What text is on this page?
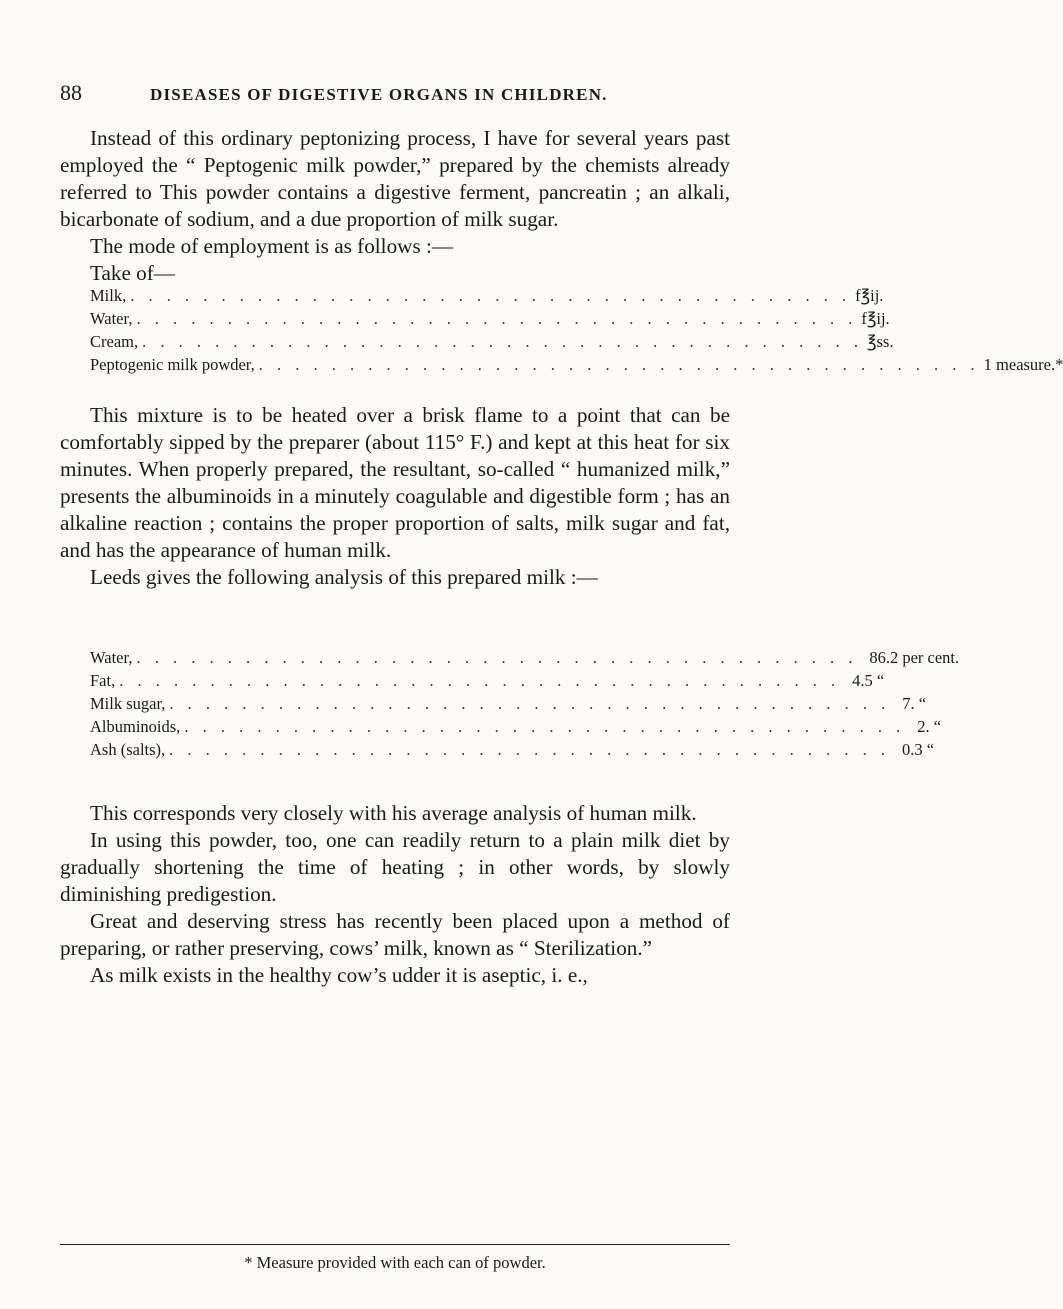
88	DISEASES OF DIGESTIVE ORGANS IN CHILDREN.

Instead of this ordinary peptonizing process, I have for several years past employed the “ Peptogenic milk powder,” prepared by the chemists already referred to This powder contains a digestive ferment, pancreatin ; an alkali, bicarbonate of sodium, and a due proportion of milk sugar.

The mode of employment is as follows :—

Take of—

Milk, . . . . . . . . . . . . . . . . . . . . . . . . . . . . . . . . . . . . . . . . f℥ij.
Water, . . . . . . . . . . . . . . . . . . . . . . . . . . . . . . . . . . . . . . . . f℥ij.
Cream, . . . . . . . . . . . . . . . . . . . . . . . . . . . . . . . . . . . . . . . . ℥ss.
Peptogenic milk powder, . . . . . . . . . . . . . . . . . . . . . . . . . . . . . . . . . . . . . . . . 1 measure.*

This mixture is to be heated over a brisk flame to a point that can be comfortably sipped by the preparer (about 115° F.) and kept at this heat for six minutes. When properly prepared, the resultant, so-called “ humanized milk,” presents the albuminoids in a minutely coagulable and digestible form ; has an alkaline reaction ; contains the proper proportion of salts, milk sugar and fat, and has the appearance of human milk.

Leeds gives the following analysis of this prepared milk :—

Water, . . . . . . . . . . . . . . . . . . . . . . . . . . . . . . . . . . . . . . . . 86.2 per cent.
Fat, . . . . . . . . . . . . . . . . . . . . . . . . . . . . . . . . . . . . . . . . 4.5 “
Milk sugar, . . . . . . . . . . . . . . . . . . . . . . . . . . . . . . . . . . . . . . . . 7. “
Albuminoids, . . . . . . . . . . . . . . . . . . . . . . . . . . . . . . . . . . . . . . . . 2. “
Ash (salts), . . . . . . . . . . . . . . . . . . . . . . . . . . . . . . . . . . . . . . . . 0.3 “

This corresponds very closely with his average analysis of human milk.

In using this powder, too, one can readily return to a plain milk diet by gradually shortening the time of heating ; in other words, by slowly diminishing predigestion.

Great and deserving stress has recently been placed upon a method of preparing, or rather preserving, cows’ milk, known as “ Sterilization.”

As milk exists in the healthy cow’s udder it is aseptic, i. e.,

* Measure provided with each can of powder.
